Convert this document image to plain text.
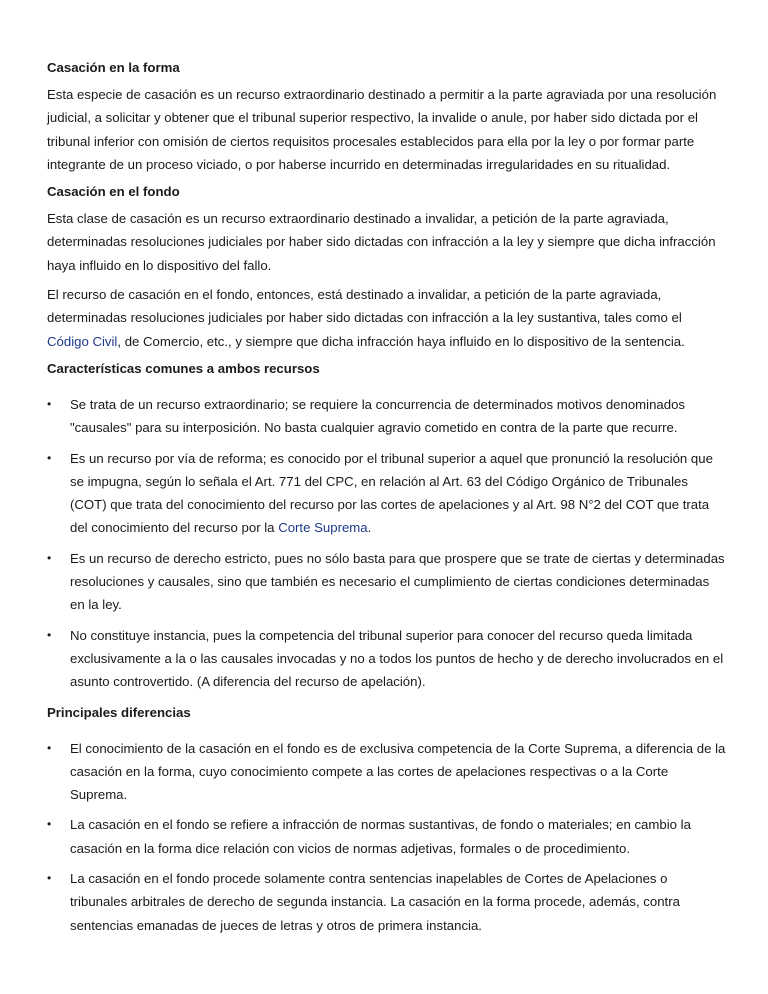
Casación en la forma

Esta especie de casación es un recurso extraordinario destinado a permitir a la parte agraviada por una resolución judicial, a solicitar y obtener que el tribunal superior respectivo, la invalide o anule, por haber sido dictada por el tribunal inferior con omisión de ciertos requisitos procesales establecidos para ella por la ley o por formar parte integrante de un proceso viciado, o por haberse incurrido en determinadas irregularidades en su ritualidad.

Casación en el fondo

Esta clase de casación es un recurso extraordinario destinado a invalidar, a petición de la parte agraviada, determinadas resoluciones judiciales por haber sido dictadas con infracción a la ley y siempre que dicha infracción haya influido en lo dispositivo del fallo.

El recurso de casación en el fondo, entonces, está destinado a invalidar, a petición de la parte agraviada, determinadas resoluciones judiciales por haber sido dictadas con infracción a la ley sustantiva, tales como el Código Civil, de Comercio, etc., y siempre que dicha infracción haya influido en lo dispositivo de la sentencia.

Características comunes a ambos recursos
• Se trata de un recurso extraordinario; se requiere la concurrencia de determinados motivos denominados "causales" para su interposición. No basta cualquier agravio cometido en contra de la parte que recurre.
• Es un recurso por vía de reforma; es conocido por el tribunal superior a aquel que pronunció la resolución que se impugna, según lo señala el Art. 771 del CPC, en relación al Art. 63 del Código Orgánico de Tribunales (COT) que trata del conocimiento del recurso por las cortes de apelaciones y al Art. 98 N°2 del COT que trata del conocimiento del recurso por la Corte Suprema.
• Es un recurso de derecho estricto, pues no sólo basta para que prospere que se trate de ciertas y determinadas resoluciones y causales, sino que también es necesario el cumplimiento de ciertas condiciones determinadas en la ley.
• No constituye instancia, pues la competencia del tribunal superior para conocer del recurso queda limitada exclusivamente a la o las causales invocadas y no a todos los puntos de hecho y de derecho involucrados en el asunto controvertido. (A diferencia del recurso de apelación).
Principales diferencias
• El conocimiento de la casación en el fondo es de exclusiva competencia de la Corte Suprema, a diferencia de la casación en la forma, cuyo conocimiento compete a las cortes de apelaciones respectivas o a la Corte Suprema.
• La casación en el fondo se refiere a infracción de normas sustantivas, de fondo o materiales; en cambio la casación en la forma dice relación con vicios de normas adjetivas, formales o de procedimiento.
• La casación en el fondo procede solamente contra sentencias inapelables de Cortes de Apelaciones o tribunales arbitrales de derecho de segunda instancia. La casación en la forma procede, además, contra sentencias emanadas de jueces de letras y otros de primera instancia.
